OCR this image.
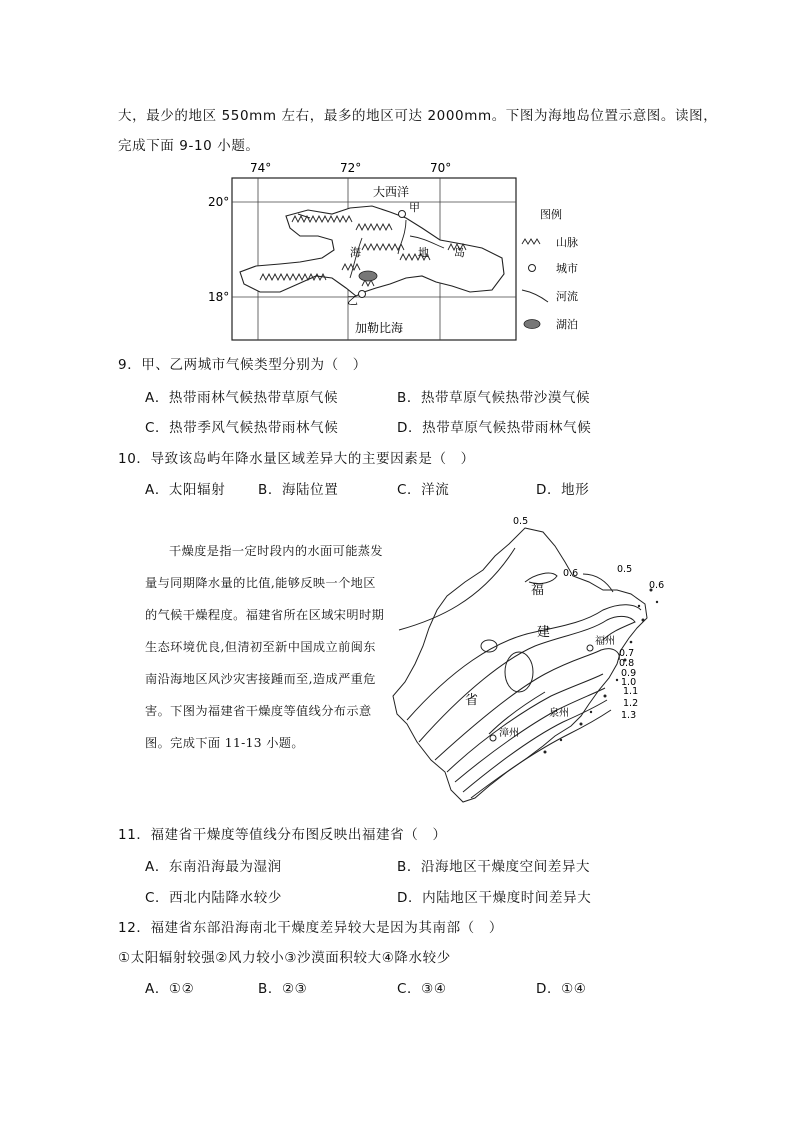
大，最少的地区 550mm 左右，最多的地区可达 2000mm。下图为海地岛位置示意图。读图，
完成下面 9-10 小题。
74°	72°	70°
20°
18°
甲
乙
大西洋
加勒比海
海	地 岛
图例
山脉
城市
河流
湖泊
9．甲、乙两城市气候类型分别为（　）
A．热带雨林气候热带草原气候	B．热带草原气候热带沙漠气候
C．热带季风气候热带雨林气候	D．热带草原气候热带雨林气候
10．导致该岛屿年降水量区域差异大的主要因素是（　）
A．太阳辐射 B．海陆位置	C．洋流	D．地形
干燥度是指一定时段内的水面可能蒸发量与同期降水量的比值,能够反映一个地区的气候干燥程度。福建省所在区域宋明时期生态环境优良,但清初至新中国成立前闽东南沿海地区风沙灾害接踵而至,造成严重危害。下图为福建省干燥度等值线分布示意图。完成下面 11-13 小题。
福州
泉州
漳州
福
建
省
0.5
0.6	0.5
0.6
0.7
0.8
0.9
1.0
1.1
1.2
1.3
11．福建省干燥度等值线分布图反映出福建省（　）
A．东南沿海最为湿润	B．沿海地区干燥度空间差异大
C．西北内陆降水较少	D．内陆地区干燥度时间差异大
12．福建省东部沿海南北干燥度差异较大是因为其南部（　）
①太阳辐射较强②风力较小③沙漠面积较大④降水较少
A．①②	B．②③	C．③④	D．①④
